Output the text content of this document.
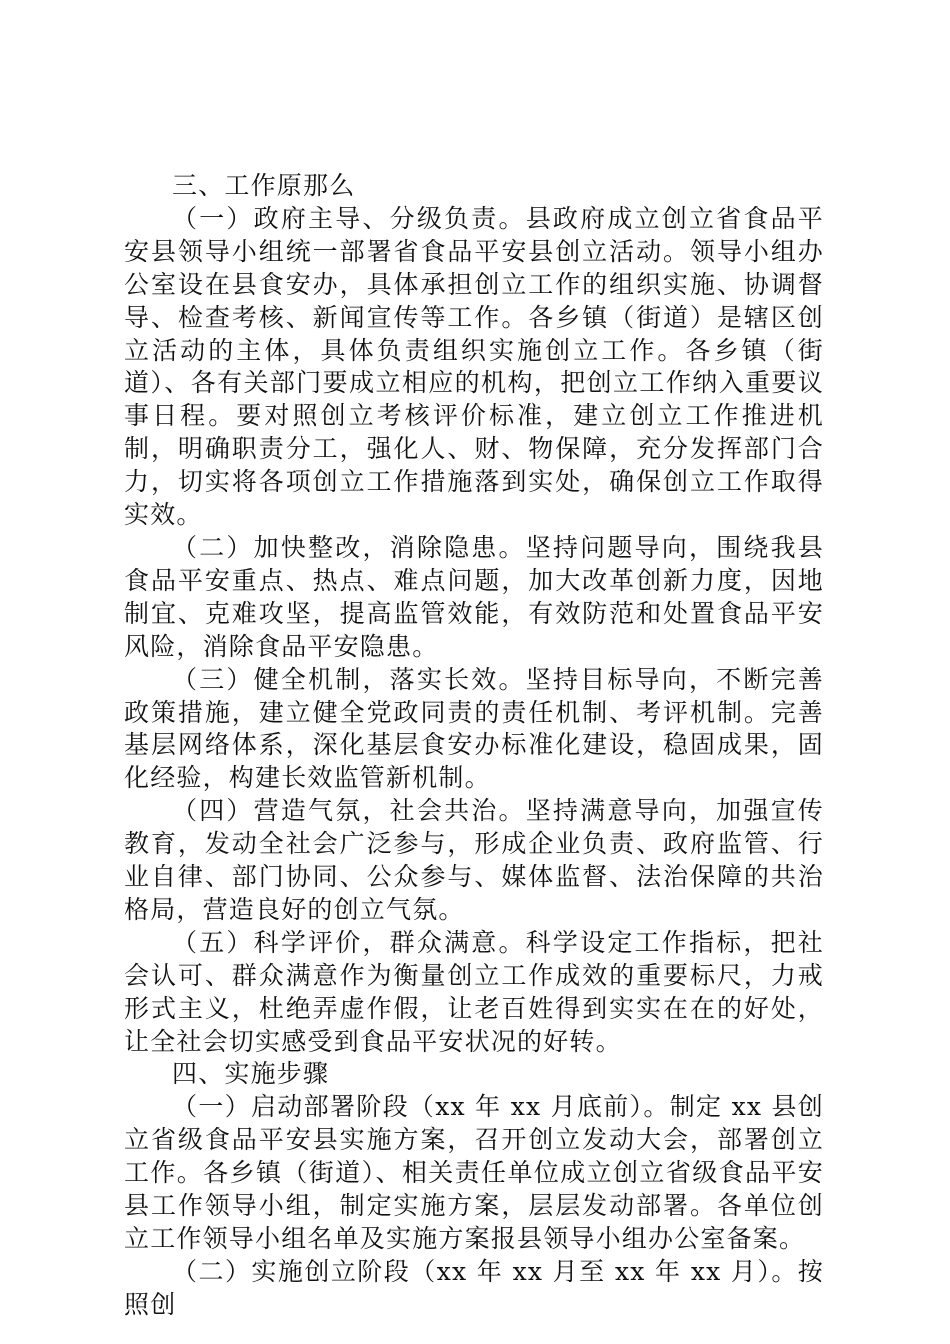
三、工作原那么

（一）政府主导、分级负责。县政府成立创立省食品平安县领导小组统一部署省食品平安县创立活动。领导小组办公室设在县食安办，具体承担创立工作的组织实施、协调督导、检查考核、新闻宣传等工作。各乡镇（街道）是辖区创立活动的主体，具体负责组织实施创立工作。各乡镇（街道）、各有关部门要成立相应的机构，把创立工作纳入重要议事日程。要对照创立考核评价标准，建立创立工作推进机制，明确职责分工，强化人、财、物保障，充分发挥部门合力，切实将各项创立工作措施落到实处，确保创立工作取得实效。

（二）加快整改，消除隐患。坚持问题导向，围绕我县食品平安重点、热点、难点问题，加大改革创新力度，因地制宜、克难攻坚，提高监管效能，有效防范和处置食品平安风险，消除食品平安隐患。

（三）健全机制，落实长效。坚持目标导向，不断完善政策措施，建立健全党政同责的责任机制、考评机制。完善基层网络体系，深化基层食安办标准化建设，稳固成果，固化经验，构建长效监管新机制。

（四）营造气氛，社会共治。坚持满意导向，加强宣传教育，发动全社会广泛参与，形成企业负责、政府监管、行业自律、部门协同、公众参与、媒体监督、法治保障的共治格局，营造良好的创立气氛。

（五）科学评价，群众满意。科学设定工作指标，把社会认可、群众满意作为衡量创立工作成效的重要标尺，力戒形式主义，杜绝弄虚作假，让老百姓得到实实在在的好处，让全社会切实感受到食品平安状况的好转。

四、实施步骤

（一）启动部署阶段（xx 年 xx 月底前）。制定 xx 县创立省级食品平安县实施方案，召开创立发动大会，部署创立工作。各乡镇（街道）、相关责任单位成立创立省级食品平安县工作领导小组，制定实施方案，层层发动部署。各单位创立工作领导小组名单及实施方案报县领导小组办公室备案。

（二）实施创立阶段（xx 年 xx 月至 xx 年 xx 月）。按照创
